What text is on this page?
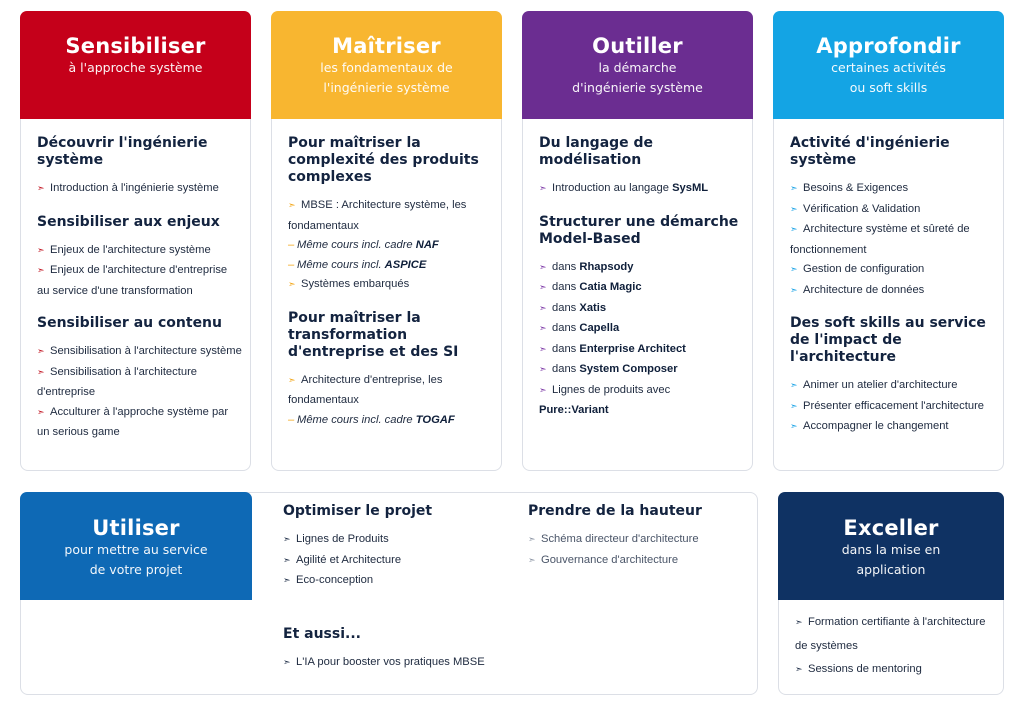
Sensibiliser
à l'approche système
Découvrir l'ingénierie système
➣ Introduction à l'ingénierie système
Sensibiliser aux enjeux
➣ Enjeux de l'architecture système
➣ Enjeux de l'architecture d'entreprise au service d'une transformation
Sensibiliser au contenu
➣ Sensibilisation à l'architecture système
➣ Sensibilisation à l'architecture d'entreprise
➣ Acculturer à l'approche système par un serious game
Maîtriser
les fondamentaux de
l'ingénierie système
Pour maîtriser la complexité des produits complexes
➣ MBSE : Architecture système, les fondamentaux
– Même cours incl. cadre NAF
– Même cours incl. ASPICE
➣ Systèmes embarqués
Pour maîtriser la transformation d'entreprise et des SI
➣ Architecture d'entreprise, les fondamentaux
– Même cours incl. cadre TOGAF
Outiller
la démarche
d'ingénierie système
Du langage de modélisation
➣ Introduction au langage SysML
Structurer une démarche Model-Based
➣ dans Rhapsody
➣ dans Catia Magic
➣ dans Xatis
➣ dans Capella
➣ dans Enterprise Architect
➣ dans System Composer
➣ Lignes de produits avec
Pure::Variant
Approfondir
certaines activités
ou soft skills
Activité d'ingénierie système
➣ Besoins & Exigences
➣ Vérification & Validation
➣ Architecture système et sûreté de fonctionnement
➣ Gestion de configuration
➣ Architecture de données
Des soft skills au service de l'impact de l'architecture
➣ Animer un atelier d'architecture
➣ Présenter efficacement l'architecture
➣ Accompagner le changement
Utiliser
pour mettre au service
de votre projet
Optimiser le projet
➣ Lignes de Produits
➣ Agilité et Architecture
➣ Eco-conception
Prendre de la hauteur
➣ Schéma directeur d'architecture
➣ Gouvernance d'architecture
Et aussi...
➣ L'IA pour booster vos pratiques MBSE
Exceller
dans la mise en
application
➣ Formation certifiante à l'architecture de systèmes
➣ Sessions de mentoring
